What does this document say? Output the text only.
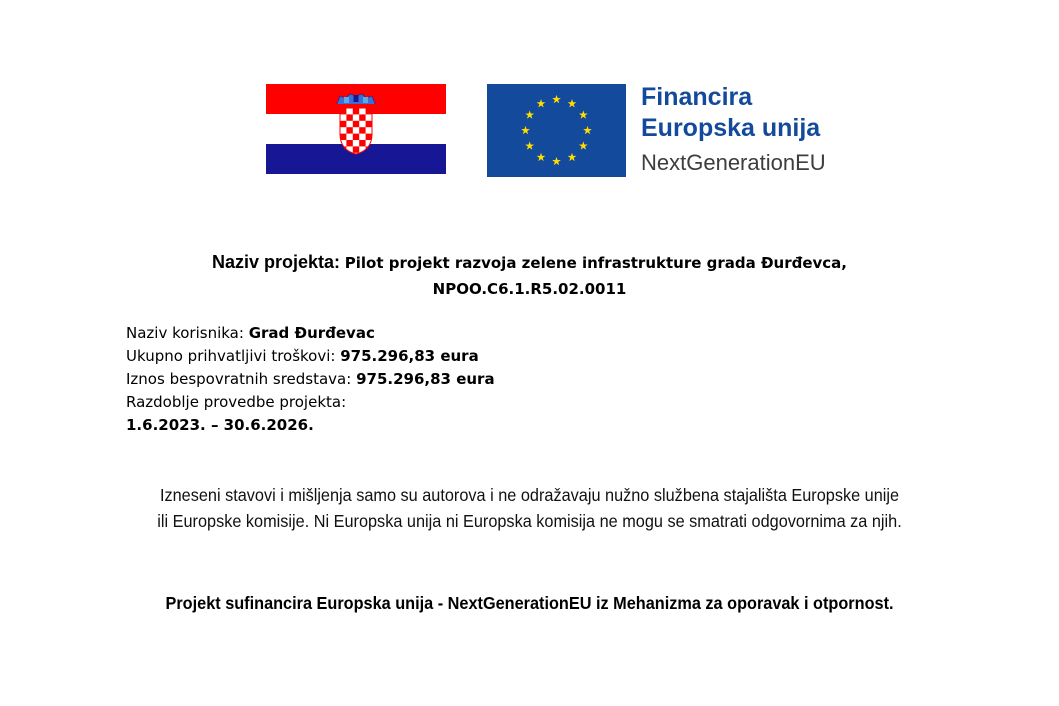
Financira
Europska unija
NextGenerationEU
Naziv projekta: Pilot projekt razvoja zelene infrastrukture grada Đurđevca,
NPOO.C6.1.R5.02.0011
Naziv korisnika: Grad Đurđevac
Ukupno prihvatljivi troškovi: 975.296,83 eura
Iznos bespovratnih sredstava: 975.296,83 eura
Razdoblje provedbe projekta:
1.6.2023. – 30.6.2026.
Izneseni stavovi i mišljenja samo su autorova i ne odražavaju nužno službena stajališta Europske unije
ili Europske komisije. Ni Europska unija ni Europska komisija ne mogu se smatrati odgovornima za njih.
Projekt sufinancira Europska unija - NextGenerationEU iz Mehanizma za oporavak i otpornost.
